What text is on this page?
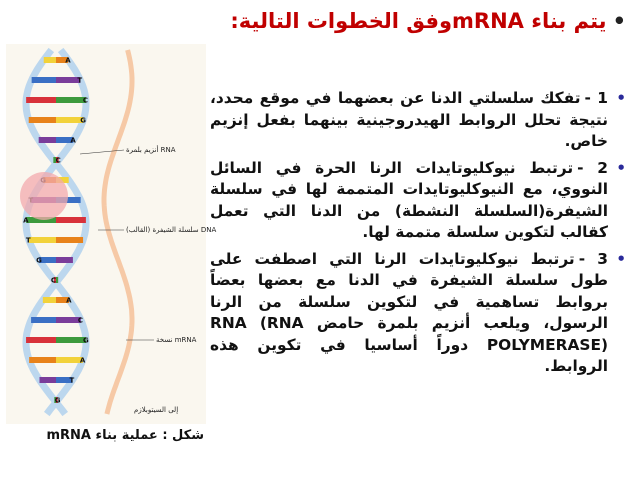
•يتم بناء mRNAوفق الخطوات التالية:
•
1 -تفكك سلسلتي الدنا عن بعضهما في موقع محدد، نتيجة تحلل الروابط الهيدروجينية بينهما بفعل إنزيم خاص.
•
2 -ترتبط نيوكليوتايدات الرنا الحرة في السائل النووي، مع النيوكليوتايدات المتممة لها في سلسلة الشيفرة(السلسلة النشطة) من الدنا التي تعمل كقالب لتكوين سلسلة متممة لها.
•
3 -ترتبط نيوكليوتايدات الرنا التي اصطفت على طول سلسلة الشيفرة في الدنا مع بعضها بعضاً بروابط تساهمية في لتكوين سلسلة من الرنا الرسول، ويلعب أنزيم بلمرة حامض RNA (RNA POLYMERASE) دوراً أساسيا في تكوين هذه الروابط.
A
T
C
G
A
C
A
T
G
C
A
C
G
A
T
G
أنزيم بلمرة RNA
سلسلة الشيفرة (القالب) DNA
نسخة mRNA
إلى السيتوبلازم
شكل : عملية بناء mRNA
